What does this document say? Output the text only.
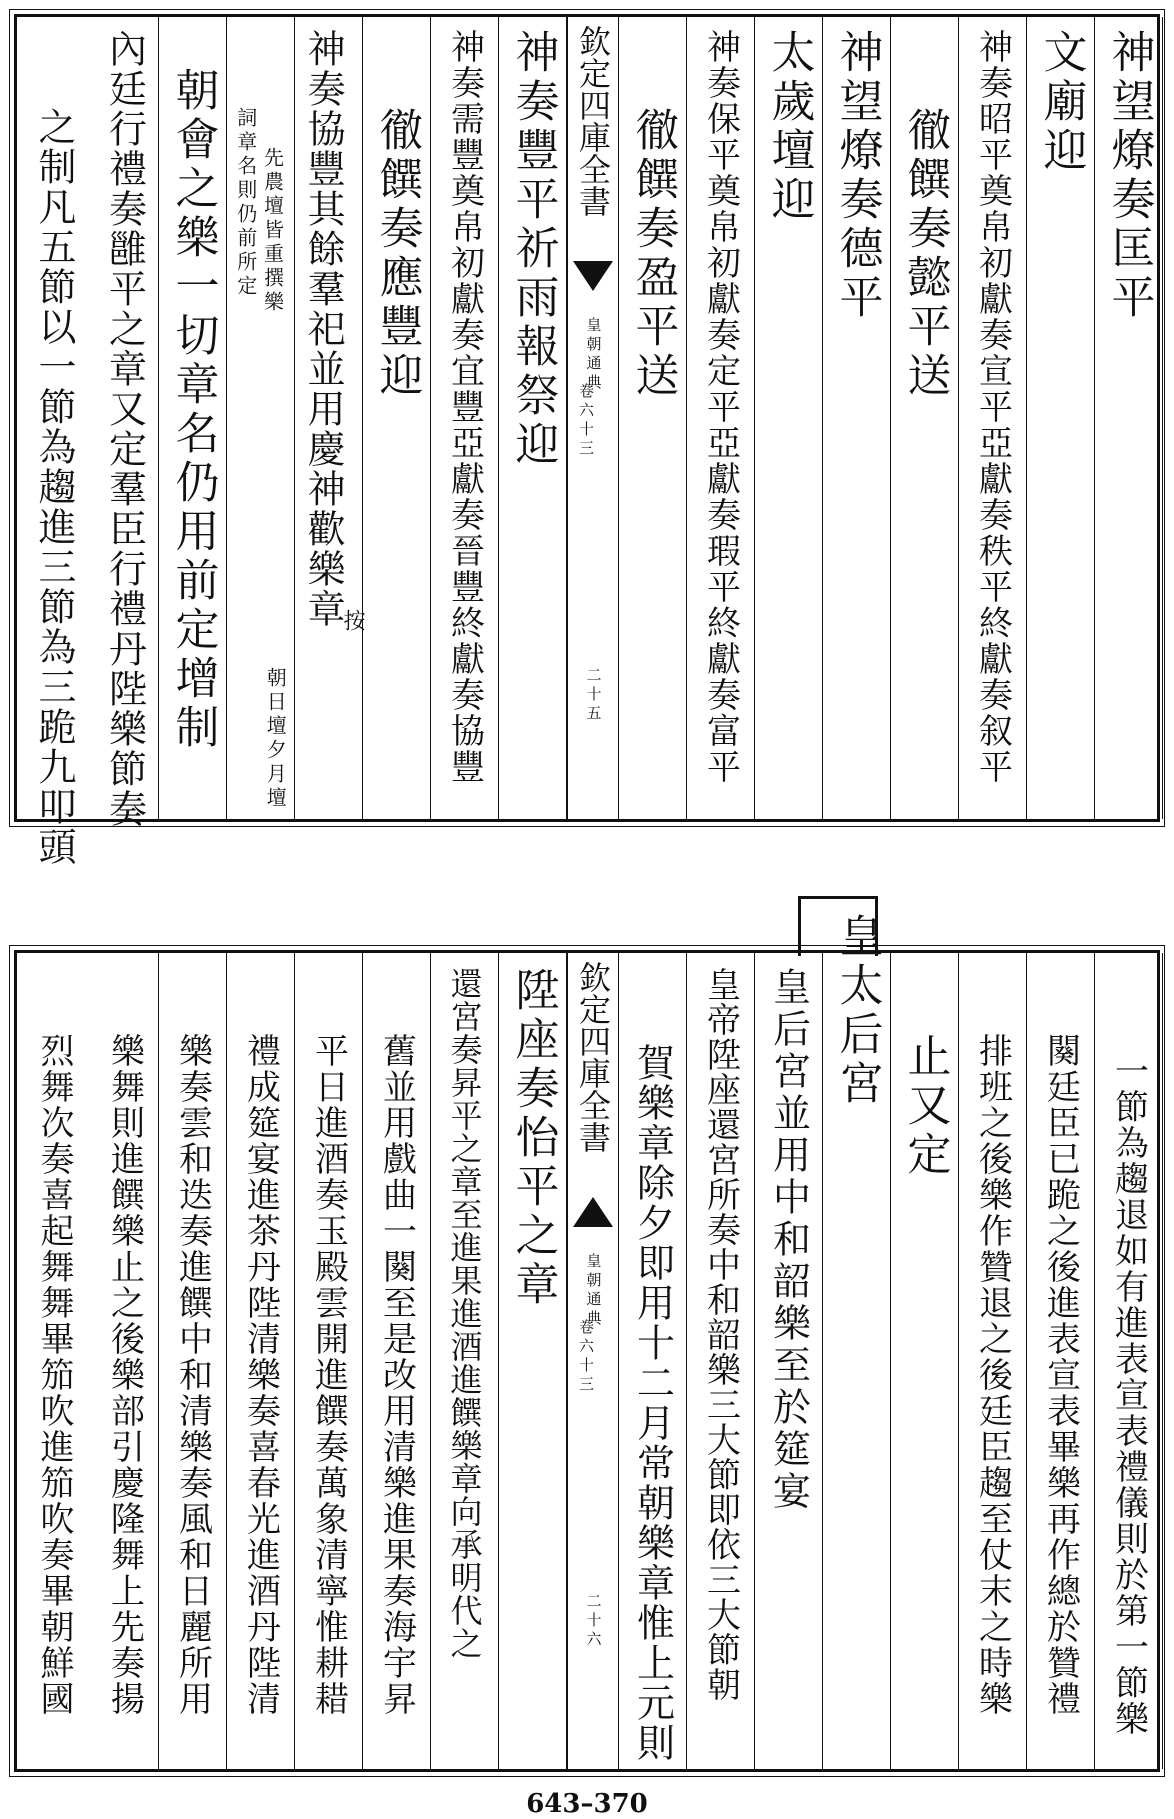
神望燎奏匡平
文廟迎
神奏昭平奠帛初獻奏宣平亞獻奏秩平終獻奏叙平
徹饌奏懿平送
神望燎奏德平
太歲壇迎
神奏保平奠帛初獻奏定平亞獻奏瑕平終獻奏富平
徹饌奏盈平送
欽定四庫全書
皇朝通典
卷六十三
二十五
神奏豐平祈雨報祭迎
神奏需豐奠帛初獻奏宜豐亞獻奏晉豐終獻奏協豐
徹饌奏應豐迎
神奏協豐其餘羣祀並用慶神歡樂章
按
朝日壇夕月壇
先農壇皆重撰樂
詞章名則仍前所定
朝會之樂一切章名仍用前定增制
內廷行禮奏雝平之章又定羣臣行禮丹陛樂節奏
之制凡五節以一節為趨進三節為三跪九叩頭
一節為趨退如有進表宣表禮儀則於第一節樂
闋廷臣已跪之後進表宣表畢樂再作總於贊禮
排班之後樂作贊退之後廷臣趨至仗末之時樂
止又定
皇太后宮
皇后宮並用中和韶樂至於筵宴
皇帝陞座還宮所奏中和韶樂三大節即依三大節朝
賀樂章除夕即用十二月常朝樂章惟上元則
欽定四庫全書
皇朝通典
卷六十三
二十六
陞座奏怡平之章
還宮奏昇平之章至進果進酒進饌樂章向承明代之
舊並用戲曲一闋至是改用清樂進果奏海宇昇
平日進酒奏玉殿雲開進饌奏萬象清寧惟耕耤
禮成筵宴進茶丹陛清樂奏喜春光進酒丹陛清
樂奏雲和迭奏進饌中和清樂奏風和日麗所用
樂舞則進饌樂止之後樂部引慶隆舞上先奏揚
烈舞次奏喜起舞舞畢笳吹進笳吹奏畢朝鮮國
643–370
